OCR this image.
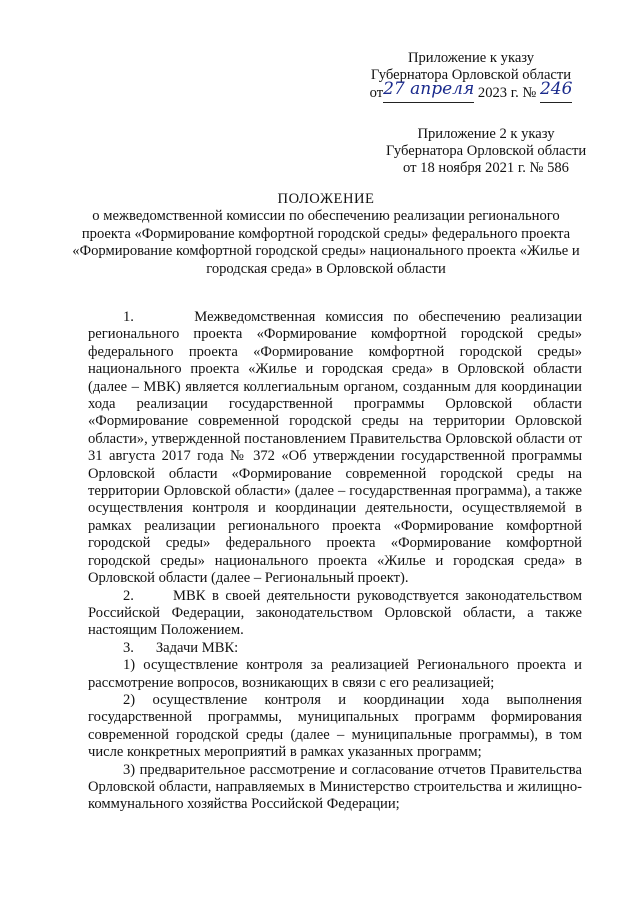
Приложение к указу
Губернатора Орловской области
от27 апреля 2023 г. № 246
Приложение 2 к указу
Губернатора Орловской области
от 18 ноября 2021 г. № 586
ПОЛОЖЕНИЕ
о межведомственной комиссии по обеспечению реализации регионального проекта «Формирование комфортной городской среды» федерального проекта «Формирование комфортной городской среды» национального проекта «Жилье и городская среда» в Орловской области

1.      Межведомственная комиссия по обеспечению реализации регионального проекта «Формирование комфортной городской среды» федерального проекта «Формирование комфортной городской среды» национального проекта «Жилье и городская среда» в Орловской области (далее – МВК) является коллегиальным органом, созданным для координации хода реализации государственной программы Орловской области «Формирование современной городской среды на территории Орловской области», утвержденной постановлением Правительства Орловской области от 31 августа 2017 года № 372 «Об утверждении государственной программы Орловской области «Формирование современной городской среды на территории Орловской области» (далее – государственная программа), а также осуществления контроля и координации деятельности, осуществляемой в рамках реализации регионального проекта «Формирование комфортной городской среды» федерального проекта «Формирование комфортной городской среды» национального проекта «Жилье и городская среда» в Орловской области (далее – Региональный проект).

2.      МВК в своей деятельности руководствуется законодательством Российской Федерации, законодательством Орловской области, а также настоящим Положением.

3.      Задачи МВК:

1) осуществление контроля за реализацией Регионального проекта и рассмотрение вопросов, возникающих в связи с его реализацией;

2) осуществление контроля и координации хода выполнения государственной программы, муниципальных программ формирования современной городской среды (далее – муниципальные программы), в том числе конкретных мероприятий в рамках указанных программ;

3) предварительное рассмотрение и согласование отчетов Правительства Орловской области, направляемых в Министерство строительства и жилищно-коммунального хозяйства Российской Федерации;
